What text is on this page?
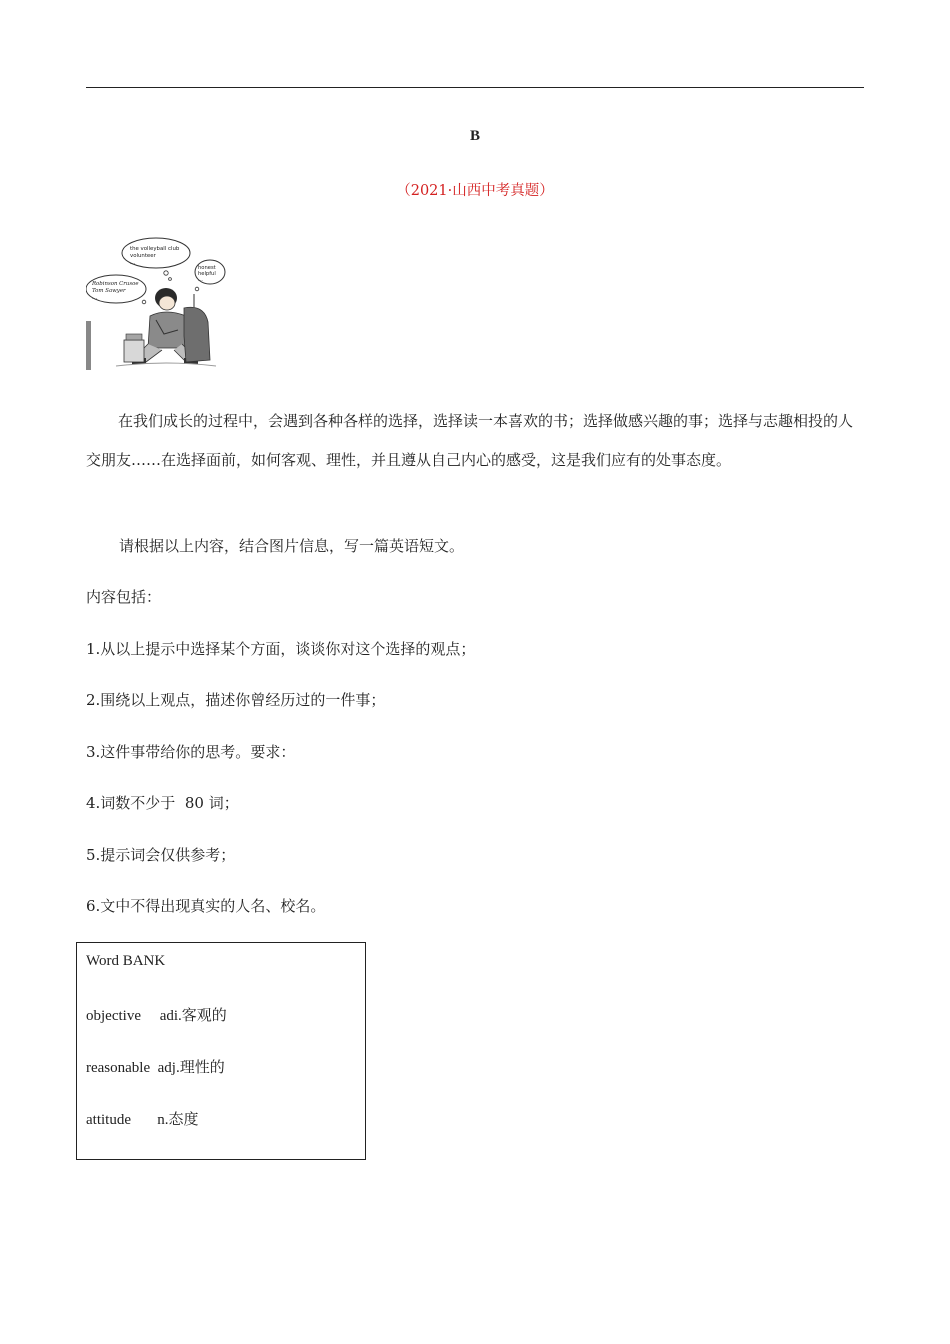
B
（2021·山西中考真题）
the volleyball club
volunteer
...
honest
helpful
...
Robinson Crusoe
Tom Sawyer
...

在我们成长的过程中，会遇到各种各样的选择，选择读一本喜欢的书；选择做感兴趣的事；选择与志趣相投的人交朋友……在选择面前，如何客观、理性，并且遵从自己内心的感受，这是我们应有的处事态度。

请根据以上内容，结合图片信息，写一篇英语短文。

内容包括：

1.从以上提示中选择某个方面，谈谈你对这个选择的观点；

2.围绕以上观点，描述你曾经历过的一件事；

3.这件事带给你的思考。要求：

4.词数不少于  80 词；

5.提示词会仅供参考；

6.文中不得出现真实的人名、校名。

Word BANK
objective     adi.客观的
reasonable  adj.理性的
attitude       n.态度
